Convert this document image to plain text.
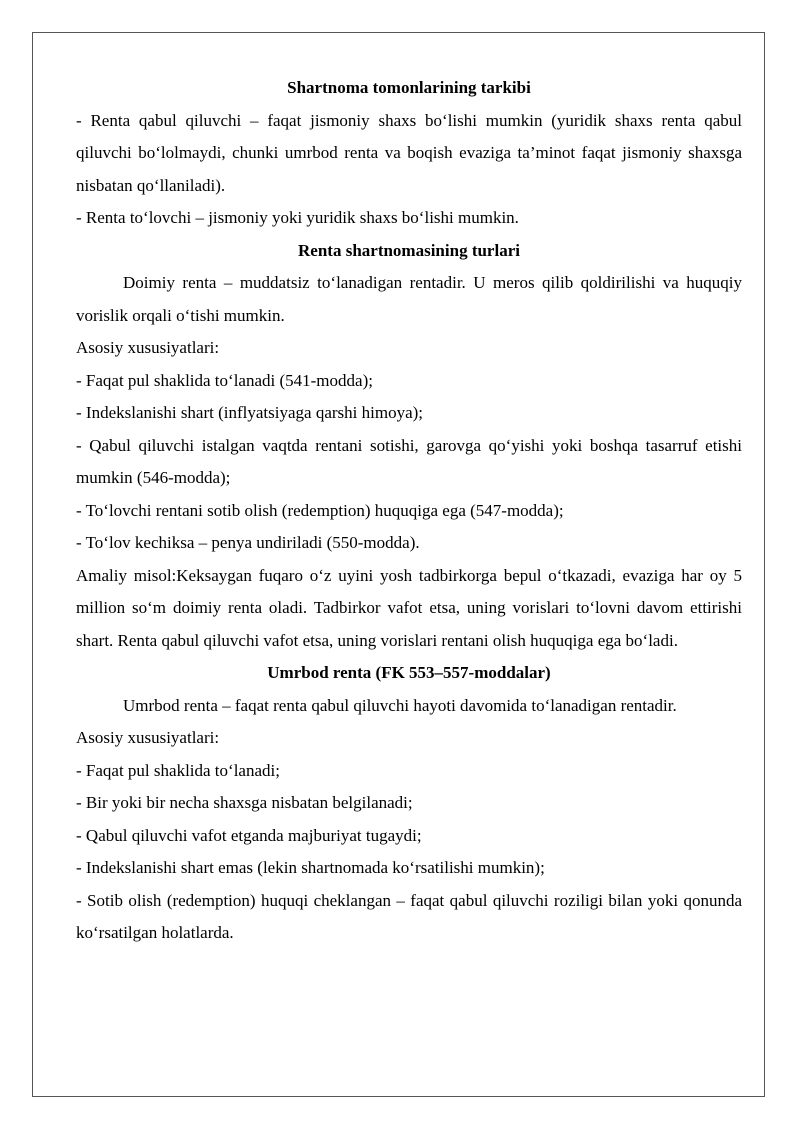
Shartnoma tomonlarining tarkibi

- Renta qabul qiluvchi – faqat jismoniy shaxs bo‘lishi mumkin (yuridik shaxs renta qabul qiluvchi bo‘lolmaydi, chunki umrbod renta va boqish evaziga ta’minot faqat jismoniy shaxsga nisbatan qo‘llaniladi).

- Renta to‘lovchi – jismoniy yoki yuridik shaxs bo‘lishi mumkin.

Renta shartnomasining turlari

Doimiy renta – muddatsiz to‘lanadigan rentadir. U meros qilib qoldirilishi va huquqiy vorislik orqali o‘tishi mumkin.

Asosiy xususiyatlari:

- Faqat pul shaklida to‘lanadi (541-modda);

- Indekslanishi shart (inflyatsiyaga qarshi himoya);

- Qabul qiluvchi istalgan vaqtda rentani sotishi, garovga qo‘yishi yoki boshqa tasarruf etishi mumkin (546-modda);

- To‘lovchi rentani sotib olish (redemption) huquqiga ega (547-modda);

- To‘lov kechiksa – penya undiriladi (550-modda).

Amaliy misol:Keksaygan fuqaro o‘z uyini yosh tadbirkorga bepul o‘tkazadi, evaziga har oy 5 million so‘m doimiy renta oladi. Tadbirkor vafot etsa, uning vorislari to‘lovni davom ettirishi shart. Renta qabul qiluvchi vafot etsa, uning vorislari rentani olish huquqiga ega bo‘ladi.

Umrbod renta (FK 553–557-moddalar)

Umrbod renta – faqat renta qabul qiluvchi hayoti davomida to‘lanadigan rentadir.

Asosiy xususiyatlari:

- Faqat pul shaklida to‘lanadi;

- Bir yoki bir necha shaxsga nisbatan belgilanadi;

- Qabul qiluvchi vafot etganda majburiyat tugaydi;

- Indekslanishi shart emas (lekin shartnomada ko‘rsatilishi mumkin);

- Sotib olish (redemption) huquqi cheklangan – faqat qabul qiluvchi roziligi bilan yoki qonunda ko‘rsatilgan holatlarda.
